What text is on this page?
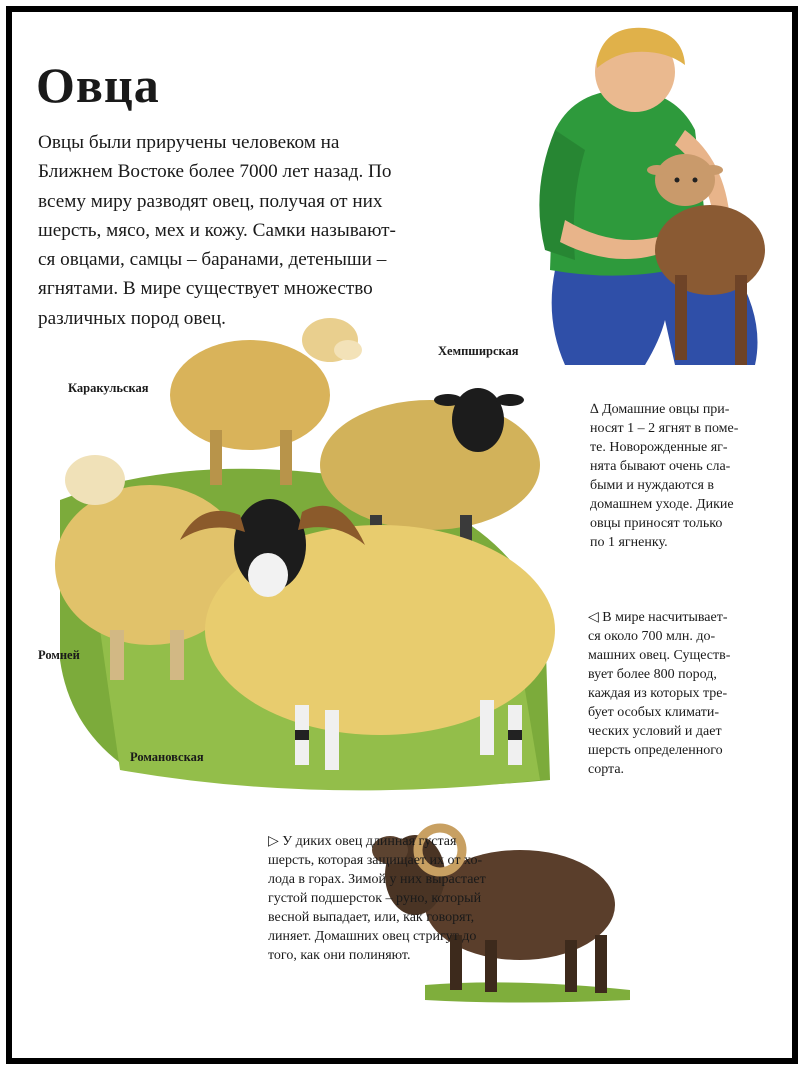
Овца
Овцы были приручены человеком на
Ближнем Востоке более 7000 лет назад. По
всему миру разводят овец, получая от них
шерсть, мясо, мех и кожу. Самки называют-
ся овцами, самцы – баранами, детеныши –
ягнятами. В мире существует множество
различных пород овец.
Каракульская
Хемпширская
Ромней
Романовская
∆ Домашние овцы при-
носят 1 – 2 ягнят в поме-
те. Новорожденные яг-
нята бывают очень сла-
быми и нуждаются в
домашнем уходе. Дикие
овцы приносят только
по 1 ягненку.
◁ В мире насчитывает-
ся около 700 млн. до-
машних овец. Существ-
вует более 800 пород,
каждая из которых тре-
бует особых климати-
ческих условий и дает
шерсть определенного
сорта.
▷ У диких овец длинная густая
шерсть, которая защищает их от хо-
лода в горах. Зимой у них вырастает
густой подшерсток – руно, который
весной выпадает, или, как говорят,
линяет. Домашних овец стригут до
того, как они полиняют.
